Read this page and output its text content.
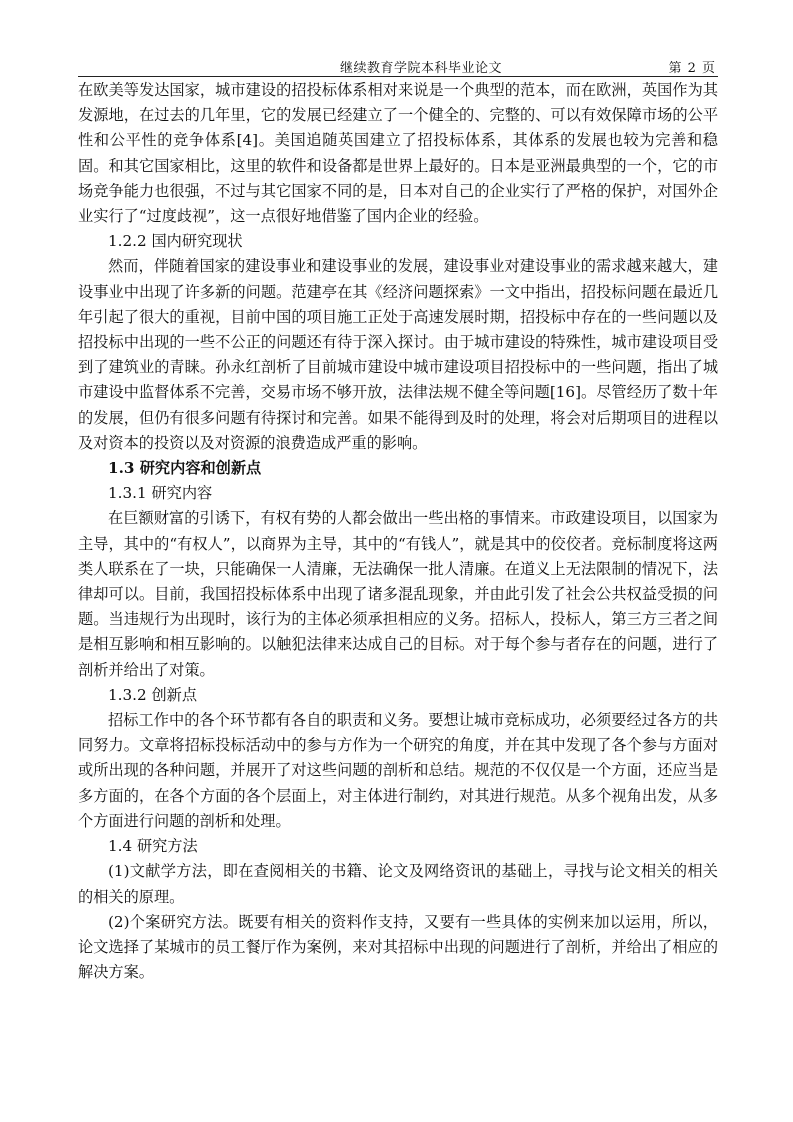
继续教育学院本科毕业论文	第 2 页

在欧美等发达国家，城市建设的招投标体系相对来说是一个典型的范本，而在欧洲，英国作为其发源地，在过去的几年里，它的发展已经建立了一个健全的、完整的、可以有效保障市场的公平性和公平性的竞争体系[4]。美国追随英国建立了招投标体系，其体系的发展也较为完善和稳固。和其它国家相比，这里的软件和设备都是世界上最好的。日本是亚洲最典型的一个，它的市场竞争能力也很强，不过与其它国家不同的是，日本对自己的企业实行了严格的保护，对国外企业实行了“过度歧视”，这一点很好地借鉴了国内企业的经验。

1.2.2 国内研究现状

然而，伴随着国家的建设事业和建设事业的发展，建设事业对建设事业的需求越来越大，建设事业中出现了许多新的问题。范建亭在其《经济问题探索》一文中指出，招投标问题在最近几年引起了很大的重视，目前中国的项目施工正处于高速发展时期，招投标中存在的一些问题以及招投标中出现的一些不公正的问题还有待于深入探讨。由于城市建设的特殊性，城市建设项目受到了建筑业的青睐。孙永红剖析了目前城市建设中城市建设项目招投标中的一些问题，指出了城市建设中监督体系不完善，交易市场不够开放，法律法规不健全等问题[16]。尽管经历了数十年的发展，但仍有很多问题有待探讨和完善。如果不能得到及时的处理，将会对后期项目的进程以及对资本的投资以及对资源的浪费造成严重的影响。

1.3 研究内容和创新点

1.3.1 研究内容

在巨额财富的引诱下，有权有势的人都会做出一些出格的事情来。市政建设项目，以国家为主导，其中的“有权人”，以商界为主导，其中的“有钱人”，就是其中的佼佼者。竞标制度将这两类人联系在了一块，只能确保一人清廉，无法确保一批人清廉。在道义上无法限制的情况下，法律却可以。目前，我国招投标体系中出现了诸多混乱现象，并由此引发了社会公共权益受损的问题。当违规行为出现时，该行为的主体必须承担相应的义务。招标人，投标人，第三方三者之间是相互影响和相互影响的。以触犯法律来达成自己的目标。对于每个参与者存在的问题，进行了剖析并给出了对策。

1.3.2 创新点

招标工作中的各个环节都有各自的职责和义务。要想让城市竞标成功，必须要经过各方的共同努力。文章将招标投标活动中的参与方作为一个研究的角度，并在其中发现了各个参与方面对或所出现的各种问题，并展开了对这些问题的剖析和总结。规范的不仅仅是一个方面，还应当是多方面的，在各个方面的各个层面上，对主体进行制约，对其进行规范。从多个视角出发，从多个方面进行问题的剖析和处理。

1.4 研究方法

(1)文献学方法，即在查阅相关的书籍、论文及网络资讯的基础上，寻找与论文相关的相关的相关的原理。

(2)个案研究方法。既要有相关的资料作支持，又要有一些具体的实例来加以运用，所以，论文选择了某城市的员工餐厅作为案例，来对其招标中出现的问题进行了剖析，并给出了相应的解决方案。
